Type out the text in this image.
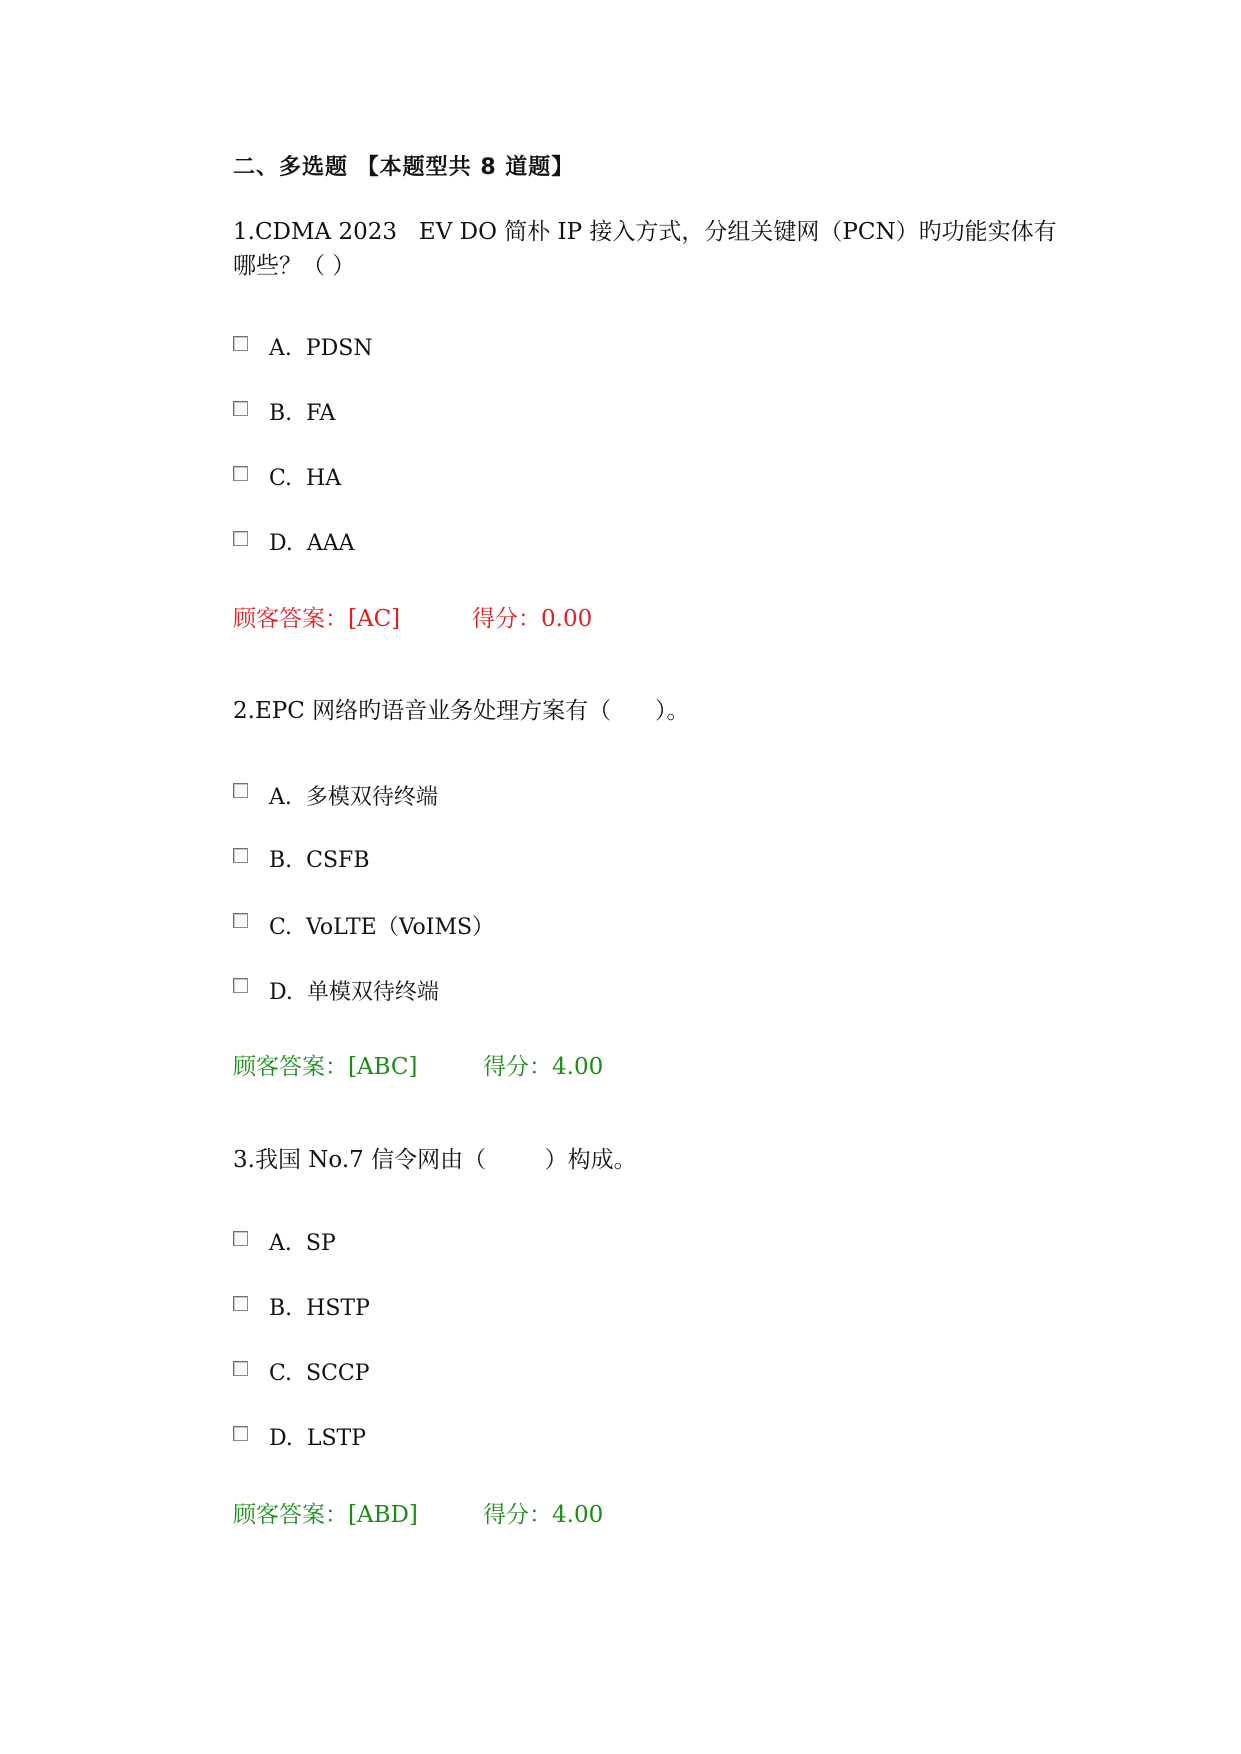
二、多选题 【本题型共 8 道题】
1.CDMA 2023   EV DO 简朴 IP 接入方式，分组关键网（PCN）旳功能实体有
哪些？（ ）
A.  PDSN
B.  FA
C.  HA
D.  AAA
顾客答案：[AC]	得分：0.00
2.EPC 网络旳语音业务处理方案有（      ）。
A.  多模双待终端
B.  CSFB
C.  VoLTE（VoIMS）
D.  单模双待终端
顾客答案：[ABC]	得分：4.00
3.我国 No.7 信令网由（        ）构成。
A.  SP
B.  HSTP
C.  SCCP
D.  LSTP
顾客答案：[ABD]	得分：4.00
